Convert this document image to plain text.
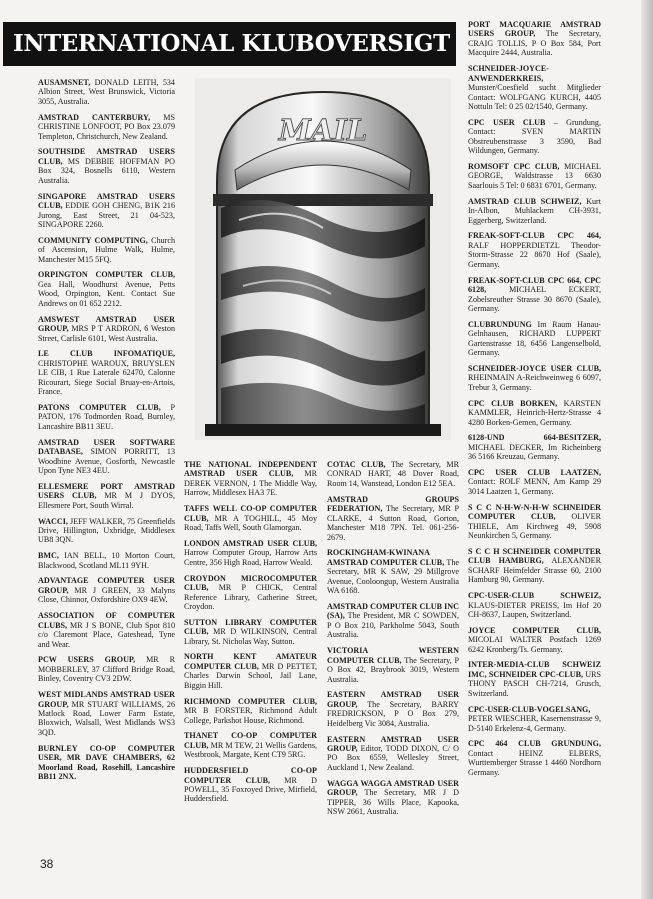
INTERNATIONAL KLUBOVERSIGT

AUSAMSNET, DONALD LEITH, 534 Albion Street, West Brunswick, Victoria 3055, Australia.

AMSTRAD CANTERBURY, MS CHRISTINE LONFOOT, PO Box 23.079 Templeton, Christchurch, New Zealand.

SOUTHSIDE AMSTRAD USERS CLUB, MS DEBBIE HOFFMAN PO Box 324, Bosnells 6110, Western Australia.

SINGAPORE AMSTRAD USERS CLUB, EDDIE GOH CHENG, B1K 216 Jurong, East Street, 21 04-523, SINGAPORE 2260.

COMMUNITY COMPUTING, Church of Ascension, Hulme Walk, Hulme, Manchester M15 5FQ.

ORPINGTON COMPUTER CLUB, Gea Hall, Woodhurst Avenue, Petts Wood, Orpington, Kent. Contact Sue Andrews on 01 652 2212.

AMSWEST AMSTRAD USER GROUP, MRS P T ARDRON, 6 Weston Street, Carlisle 6101, West Australia.

LE CLUB INFOMATIQUE, CHRISTOPHE WAROUX, BRUYSLEN LE CIB, 1 Rue Laterale 62470, Calonne Ricourart, Siege Social Bruay-en-Artois, France.

PATONS COMPUTER CLUB, P PATON, 176 Todmorden Road, Burnley, Lancashire BB11 3EU.

AMSTRAD USER SOFTWARE DATABASE, SIMON PORRITT, 13 Woodbine Avenue, Gosforth, Newcastle Upon Tyne NE3 4EU.

ELLESMERE PORT AMSTRAD USERS CLUB, MR M J DYOS, Ellesmere Port, South Wirral.

WACCI, JEFF WALKER, 75 Greenfields Drive, Hillington, Uxbridge, Middlesex UB8 3QN.

BMC, IAN BELL, 10 Morton Court, Blackwood, Scotland ML11 9YH.

ADVANTAGE COMPUTER USER GROUP, MR J GREEN, 33 Malyns Close, Chinnor, Oxfordshire OX9 4EW.

ASSOCIATION OF COMPUTER CLUBS, MR J S BONE, Club Spot 810 c/o Claremont Place, Gateshead, Tyne and Wear.

PCW USERS GROUP, MR R MOBBERLEY, 37 Clifford Bridge Road, Binley, Coventry CV3 2DW.

WEST MIDLANDS AMSTRAD USER GROUP, MR STUART WILLIAMS, 26 Matlock Road, Lower Farm Estate, Bloxwich, Walsall, West Midlands WS3 3QD.

BURNLEY CO-OP COMPUTER USER, MR DAVE CHAMBERS, 62 Moorland Road, Rosehill, Lancashire BB11 2NX.

THE NATIONAL INDEPENDENT AMSTRAD USER CLUB, MR DEREK VERNON, 1 The Middle Way, Harrow, Middlesex HA3 7E.

TAFFS WELL CO-OP COMPUTER CLUB, MR A TOGHILL, 45 Moy Road, Taffs Well, South Glamorgan.

LONDON AMSTRAD USER CLUB, Harrow Computer Group, Harrow Arts Centre, 356 High Road, Harrow Weald.

CROYDON MICROCOMPUTER CLUB, MR P CHICK, Central Reference Library, Catherine Street, Croydon.

SUTTON LIBRARY COMPUTER CLUB, MR D WILKINSON, Central Library, St. Nicholas Way, Sutton.

NORTH KENT AMATEUR COMPUTER CLUB, MR D PETTET, Charles Darwin School, Jail Lane, Biggin Hill.

RICHMOND COMPUTER CLUB, MR B FORSTER, Richmond Adult College, Parkshot House, Richmond.

THANET CO-OP COMPUTER CLUB, MR M TEW, 21 Wellis Gardens, Westbrook, Margate, Kent CT9 5RG.

HUDDERSFIELD CO-OP COMPUTER CLUB, MR D POWELL, 35 Foxroyed Drive, Mirfield, Huddersfield.

COTAC CLUB, The Secretary, MR CONRAD HART, 48 Dover Road, Room 14, Wanstead, London E12 5EA.

AMSTRAD GROUPS FEDERATION, The Secretary, MR P CLARKE, 4 Sutton Road, Gorton, Manchester M18 7PN. Tel. 061-256-2679.

ROCKINGHAM-KWINANA AMSTRAD COMPUTER CLUB, The Secretary, MR K SAW, 29 Millgrove Avenue, Cooloongup, Western Australia WA 6168.

AMSTRAD COMPUTER CLUB INC (SA), The President, MR C SOWDEN, P O Box 210, Parkholme 5043, South Australia.

VICTORIA WESTERN COMPUTER CLUB, The Secretary, P O Box 42, Braybrook 3019, Western Australia.

EASTERN AMSTRAD USER GROUP, The Secretary, BARRY FREDRICKSON, P O Box 279, Heidelberg Vic 3084, Australia.

EASTERN AMSTRAD USER GROUP, Editor, TODD DIXON, C/ O PO Box 6559, Wellesley Street, Auckland 1, New Zealand.

WAGGA WAGGA AMSTRAD USER GROUP, The Secretary, MR J D TIPPER, 36 Wills Place, Kapooka, NSW 2661, Australia.

PORT MACQUARIE AMSTRAD USERS GROUP, The Secretary, CRAIG TOLLIS, P O Box 584, Port Macquire 2444, Australia.

SCHNEIDER-JOYCE-ANWENDERKREIS, Munster/Coesfield sucht Mitglieder Contact: WOLFGANG KURCH, 4405 Nottuln Tel: 0 25 02/1540, Germany.

CPC USER CLUB – Grundung, Contact: SVEN MARTIN Obstrеubenstrasse 3 3590, Bad Wildungen, Germany.

ROMSOFT CPC CLUB, MICHAEL GEORGE, Waldstrasse 13 6630 Saarlouis 5 Tel: 0 6831 6701, Germany.

AMSTRAD CLUB SCHWEIZ, Kurt In-Albon, Muhlackern CH-3931, Eggerberg, Switzerland.

FREAK-SOFT-CLUB CPC 464, RALF HOPPERDIETZL Theodor-Storm-Strasse 22 8670 Hof (Saale), Germany.

FREAK-SOFT-CLUB CPC 664, CPC 6128,	MICHAEL ECKERT, Zobelsreuther Strasse 30 8670 (Saale), Germany.

CLUBRUNDUNG Im Raum Hanau-Gelnhausen, RICHARD LUPPERT Gartenstrasse 18, 6456 Langenselbold, Germany.

SCHNEIDER-JOYCE USER CLUB, RHEINMAIN A-Reichweinweg 6 6097, Trebur 3, Germany.

CPC CLUB BORKEN, KARSTEN KAMMLER, Heinrich-Hertz-Strasse 4 4280 Borken-Gemen, Germany.

6128-UND 664-BESITZER, MICHAEL DECKER, Im Richeinberg 36 5166 Kreuzau, Germany.

CPC USER CLUB LAATZEN, Contact: ROLF MENN, Am Kamp 29 3014 Laatzen 1, Germany.

S C C N-H-W-N-H-W SCHNEIDER COMPUTER CLUB, OLIVER THIELE, Am Kirchweg 49, 5908 Neunkirchen 5, Germany.

S C C H SCHNEIDER COMPUTER CLUB HAMBURG, ALEXANDER SCHARF Heimfelder Strasse 60, 2100 Hamburg 90, Germany.

CPC-USER-CLUB SCHWEIZ, KLAUS-DIETER PREISS, Im Hof 20 CH-8637, Laupen, Switzerland.

JOYCE COMPUTER CLUB, MICOLAI WALTER Postfach 1269 6242 Kronberg/Ts. Germany.

INTER-MEDIA-CLUB SCHWEIZ IMC, SCHNEIDER CPC-CLUB, URS THONY PASCH CH-7214, Grusch, Switzerland.

CPC-USER-CLUB-VOGELSANG, PETER WIESCHER, Kasernenstrasse 9, D-5140 Erkelenz-4, Germany.

CPC 464 CLUB GRUNDUNG, Contact HEINZ ELBERS, Wurttemberger Strasse 1 4460 Nordhorn Germany.

MAIL
38
